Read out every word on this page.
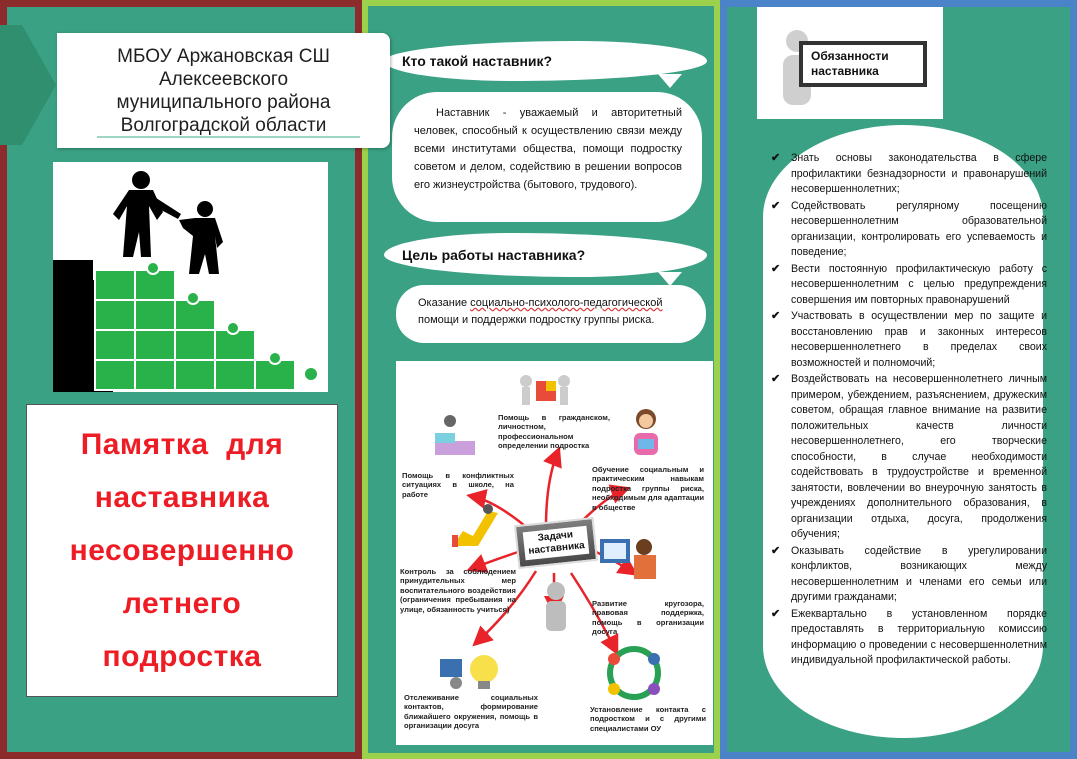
МБОУ Аржановская СШ
Алексеевского
муниципального района
Волгоградской области
Памятка  для
наставника
несовершенно
летнего
подростка
Кто такой наставник?

Наставник - уважаемый и авторитетный человек, способный к осуществлению связи между всеми институтами общества, помощи подростку советом и делом, содействию в решении вопросов его жизнеустройства (бытового, трудового).

Цель работы наставника?
Оказание социально-психолого-педагогической помощи и поддержки подростку группы риска.
Задачи
наставника
Помощь в гражданском, личностном, профессиональном определении подростка
Помощь в конфликтных ситуациях в школе, на работе
Обучение социальным и практическим навыкам подростка группы риска, необходимым для адаптации в обществе
Контроль за соблюдением принудительных мер воспитательного воздействия (ограничения пребывания на улице, обязанность учиться)
Развитие кругозора, правовая поддержка, помощь в организации досуга
Отслеживание социальных контактов, формирование ближайшего окружения, помощь в организации досуга
Установление контакта с подростком и с другими специалистами ОУ
Обязанности
наставника
✔ Знать основы законодательства в сфере профилактики безнадзорности и правонарушений несовершеннолетних;
✔ Содействовать регулярному посещению несовершеннолетним образовательной организации, контролировать его успеваемость и поведение;
✔ Вести постоянную профилактическую работу с несовершеннолетним с целью предупреждения совершения им повторных правонарушений
✔ Участвовать в осуществлении мер по защите и восстановлению прав и законных интересов несовершеннолетнего в пределах своих возможностей и полномочий;
✔ Воздействовать на несовершеннолетнего личным примером, убеждением, разъяснением, дружеским советом, обращая главное внимание на развитие положительных качеств личности несовершеннолетнего, его творческие способности, в случае необходимости содействовать в трудоустройстве и временной занятости, вовлечении во внеурочную занятость в учреждениях дополнительного образования, в организации отдыха, досуга, продолжения обучения;
✔ Оказывать содействие в урегулировании конфликтов, возникающих между несовершеннолетним и членами его семьи или другими гражданами;
✔ Ежеквартально в установленном порядке предоставлять в территориальную комиссию информацию о проведении с несовершеннолетним индивидуальной профилактической работы.
